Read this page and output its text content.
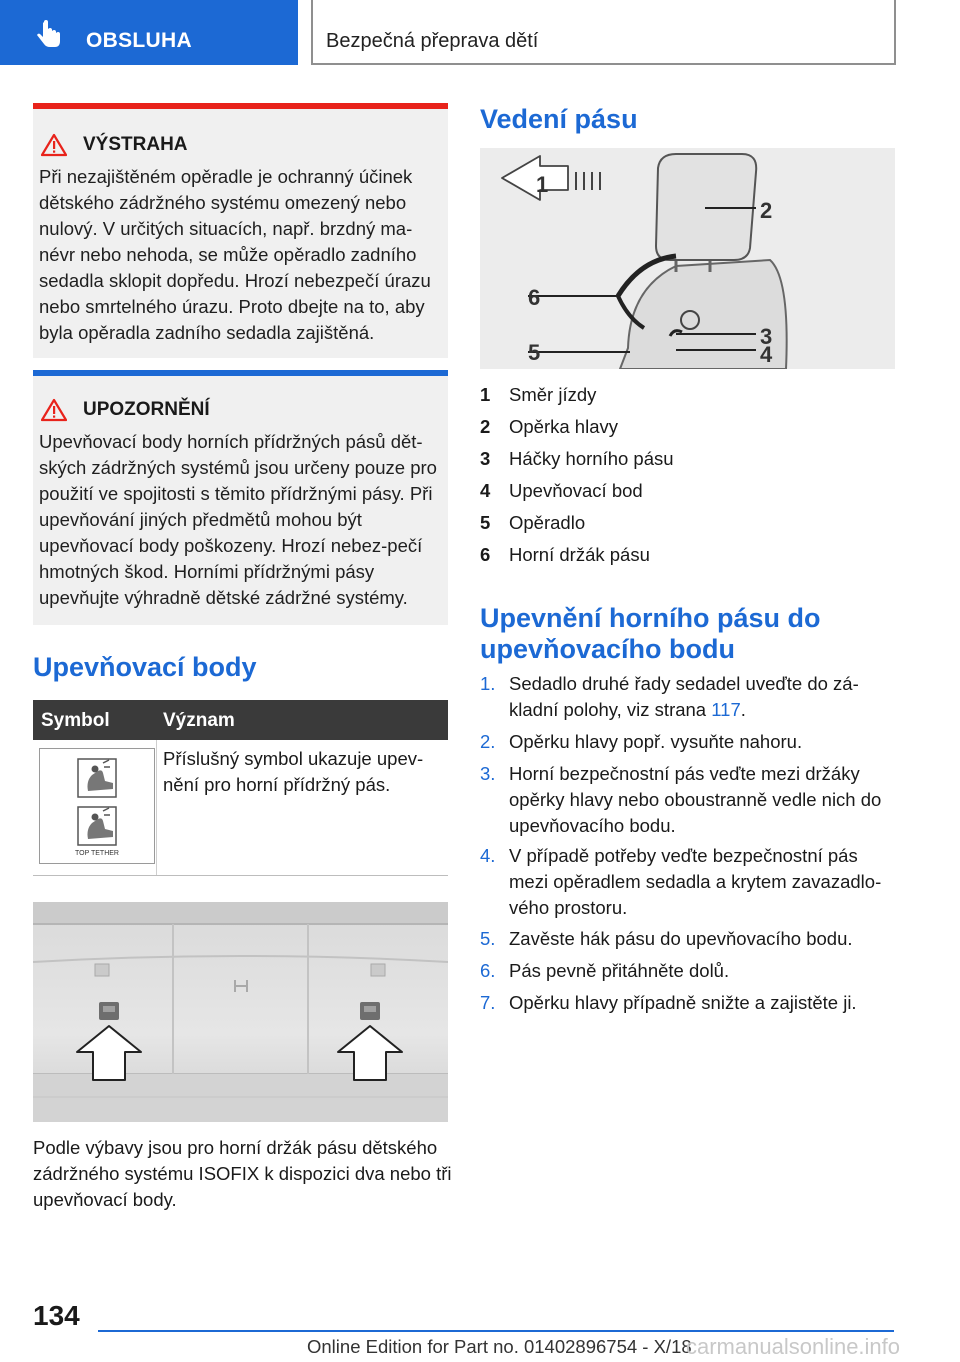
OBSLUHA	Bezpečná přeprava dětí
VÝSTRAHA
Při nezajištěném opěradle je ochranný účinek dětského zádržného systému omezený nebo nulový. V určitých situacích, např. brzdný ma-névr nebo nehoda, se může opěradlo zadního sedadla sklopit dopředu. Hrozí nebezpečí úrazu nebo smrtelného úrazu. Proto dbejte na to, aby byla opěradla zadního sedadla zajištěná.
UPOZORNĚNÍ
Upevňovací body horních přídržných pásů dět-ských zádržných systémů jsou určeny pouze pro použití ve spojitosti s těmito přídržnými pásy. Při upevňování jiných předmětů mohou být upevňovací body poškozeny. Hrozí nebez-pečí hmotných škod. Horními přídržnými pásy upevňujte výhradně dětské zádržné systémy.
Upevňovací body
Symbol	Význam
TOP TETHER
Příslušný symbol ukazuje upev-nění pro horní přídržný pás.
Podle výbavy jsou pro horní držák pásu dětského zádržného systému ISOFIX k dispozici dva nebo tři upevňovací body.
Vedení pásu
1
2
6
3
4
5
1 Směr jízdy
2 Opěrka hlavy
3 Háčky horního pásu
4 Upevňovací bod
5 Opěradlo
6 Horní držák pásu
Upevnění horního pásu do
upevňovacího bodu
1. Sedadlo druhé řady sedadel uveďte do zá-kladní polohy, viz strana 117.
2. Opěrku hlavy popř. vysuňte nahoru.
3. Horní bezpečnostní pás veďte mezi držáky opěrky hlavy nebo oboustranně vedle nich do upevňovacího bodu.
4. V případě potřeby veďte bezpečnostní pás mezi opěradlem sedadla a krytem zavazadlo-vého prostoru.
5. Zavěste hák pásu do upevňovacího bodu.
6. Pás pevně přitáhněte dolů.
7. Opěrku hlavy případně snižte a zajistěte ji.
134
Online Edition for Part no. 01402896754 - X/18
carmanualsonline.info
